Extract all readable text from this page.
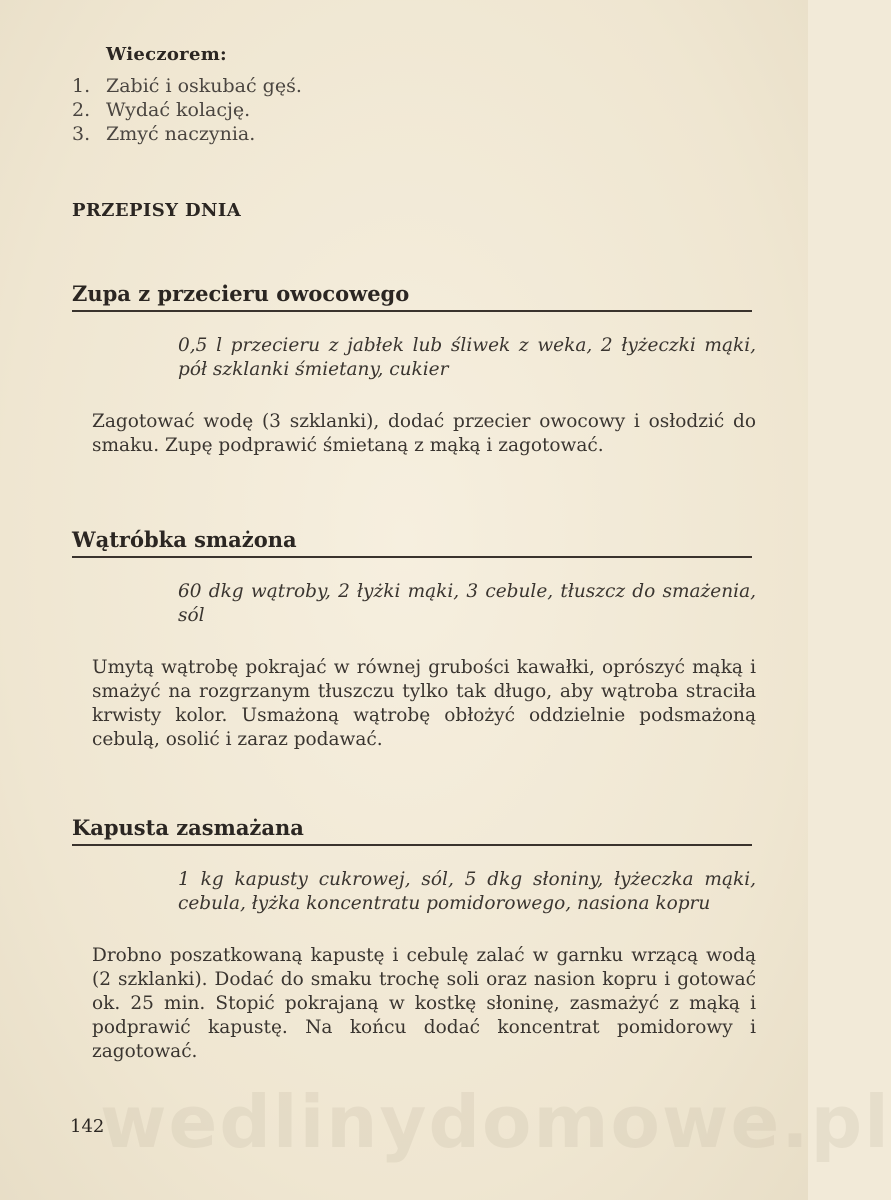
Wieczorem:
1. Zabić i oskubać gęś.
2. Wydać kolację.
3. Zmyć naczynia.
PRZEPISY DNIA
Zupa z przecieru owocowego
0,5 l przecieru z jabłek lub śliwek z weka, 2 łyżeczki mąki, pół szklanki śmietany, cukier
Zagotować wodę (3 szklanki), dodać przecier owocowy i osłodzić do smaku. Zupę podprawić śmietaną z mąką i zagotować.
Wątróbka smażona
60 dkg wątroby, 2 łyżki mąki, 3 cebule, tłuszcz do smażenia, sól
Umytą wątrobę pokrajać w równej grubości kawałki, oprószyć mąką i smażyć na rozgrzanym tłuszczu tylko tak długo, aby wątroba straciła krwisty kolor. Usmażoną wątrobę obłożyć oddzielnie podsmażoną cebulą, osolić i zaraz podawać.
Kapusta zasmażana
1 kg kapusty cukrowej, sól, 5 dkg słoniny, łyżeczka mąki, cebula, łyżka koncentratu pomidorowego, nasiona kopru
Drobno poszatkowaną kapustę i cebulę zalać w garnku wrzącą wodą (2 szklanki). Dodać do smaku trochę soli oraz nasion kopru i gotować ok. 25 min. Stopić pokrajaną w kostkę słoninę, zasmażyć z mąką i podprawić kapustę. Na końcu dodać koncentrat pomidorowy i zagotować.
wedlinydomowe.pl
142
